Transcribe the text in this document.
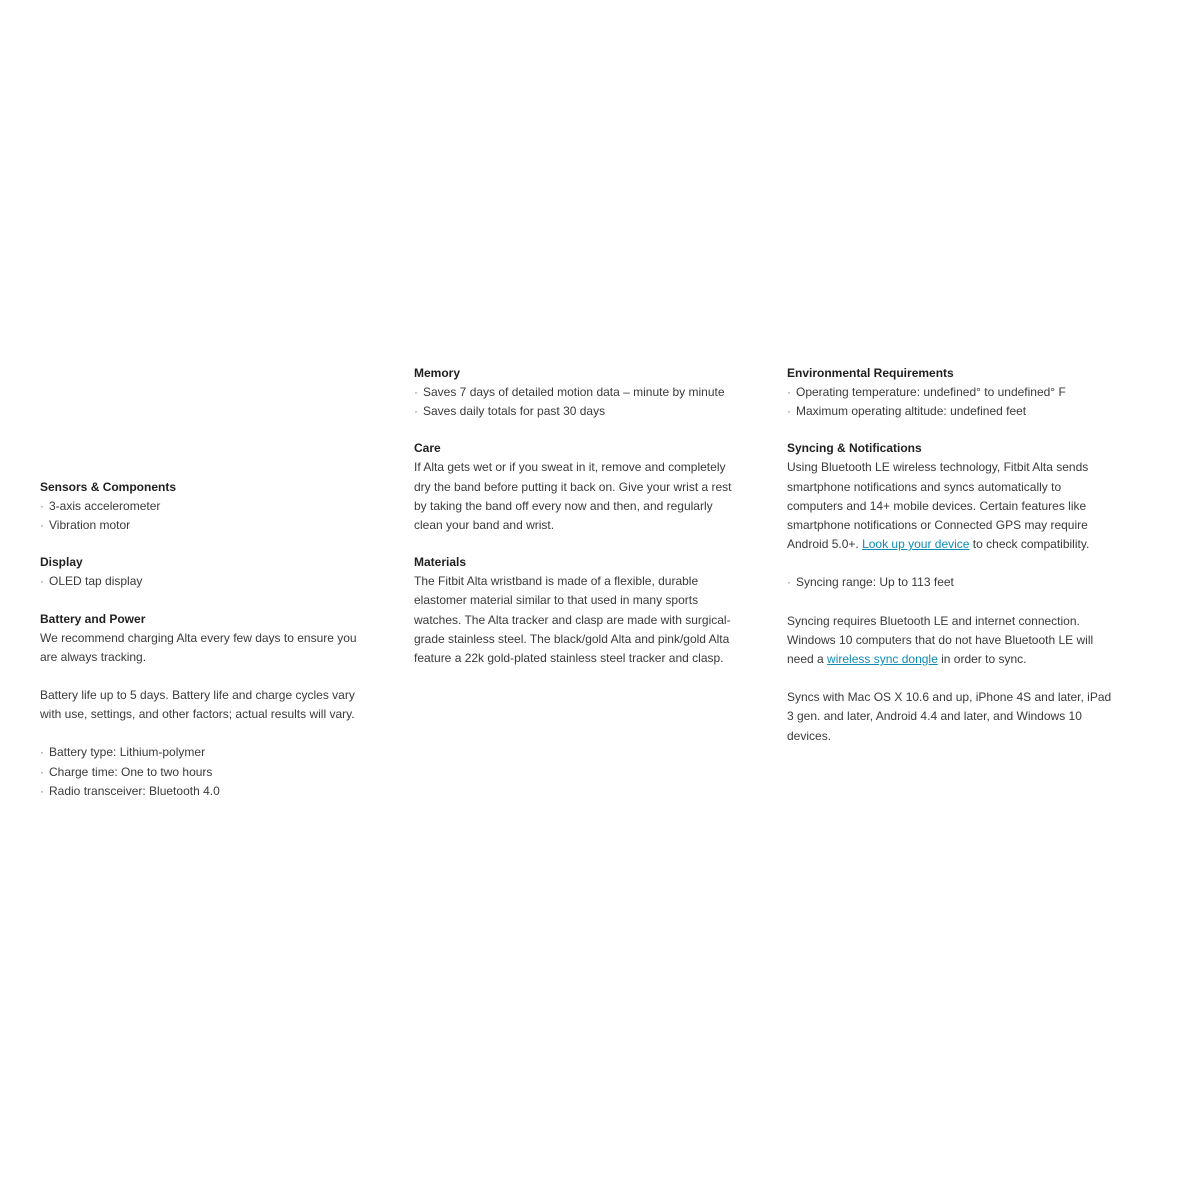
Sensors & Components
· 3-axis accelerometer
· Vibration motor
Display
· OLED tap display
Battery and Power

We recommend charging Alta every few days to ensure you are always tracking.

Battery life up to 5 days. Battery life and charge cycles vary with use, settings, and other factors; actual results will vary.

· Battery type: Lithium-polymer
· Charge time: One to two hours
· Radio transceiver: Bluetooth 4.0
Memory
· Saves 7 days of detailed motion data – minute by minute
· Saves daily totals for past 30 days
Care

If Alta gets wet or if you sweat in it, remove and completely dry the band before putting it back on. Give your wrist a rest by taking the band off every now and then, and regularly clean your band and wrist.

Materials

The Fitbit Alta wristband is made of a flexible, durable elastomer material similar to that used in many sports watches. The Alta tracker and clasp are made with surgical-grade stainless steel. The black/gold Alta and pink/gold Alta feature a 22k gold-plated stainless steel tracker and clasp.

Environmental Requirements
· Operating temperature: undefined° to undefined° F
· Maximum operating altitude: undefined feet
Syncing & Notifications

Using Bluetooth LE wireless technology, Fitbit Alta sends smartphone notifications and syncs automatically to computers and 14+ mobile devices. Certain features like smartphone notifications or Connected GPS may require Android 5.0+. Look up your device to check compatibility.

· Syncing range: Up to 113 feet

Syncing requires Bluetooth LE and internet connection. Windows 10 computers that do not have Bluetooth LE will need a wireless sync dongle in order to sync.

Syncs with Mac OS X 10.6 and up, iPhone 4S and later, iPad 3 gen. and later, Android 4.4 and later, and Windows 10 devices.
